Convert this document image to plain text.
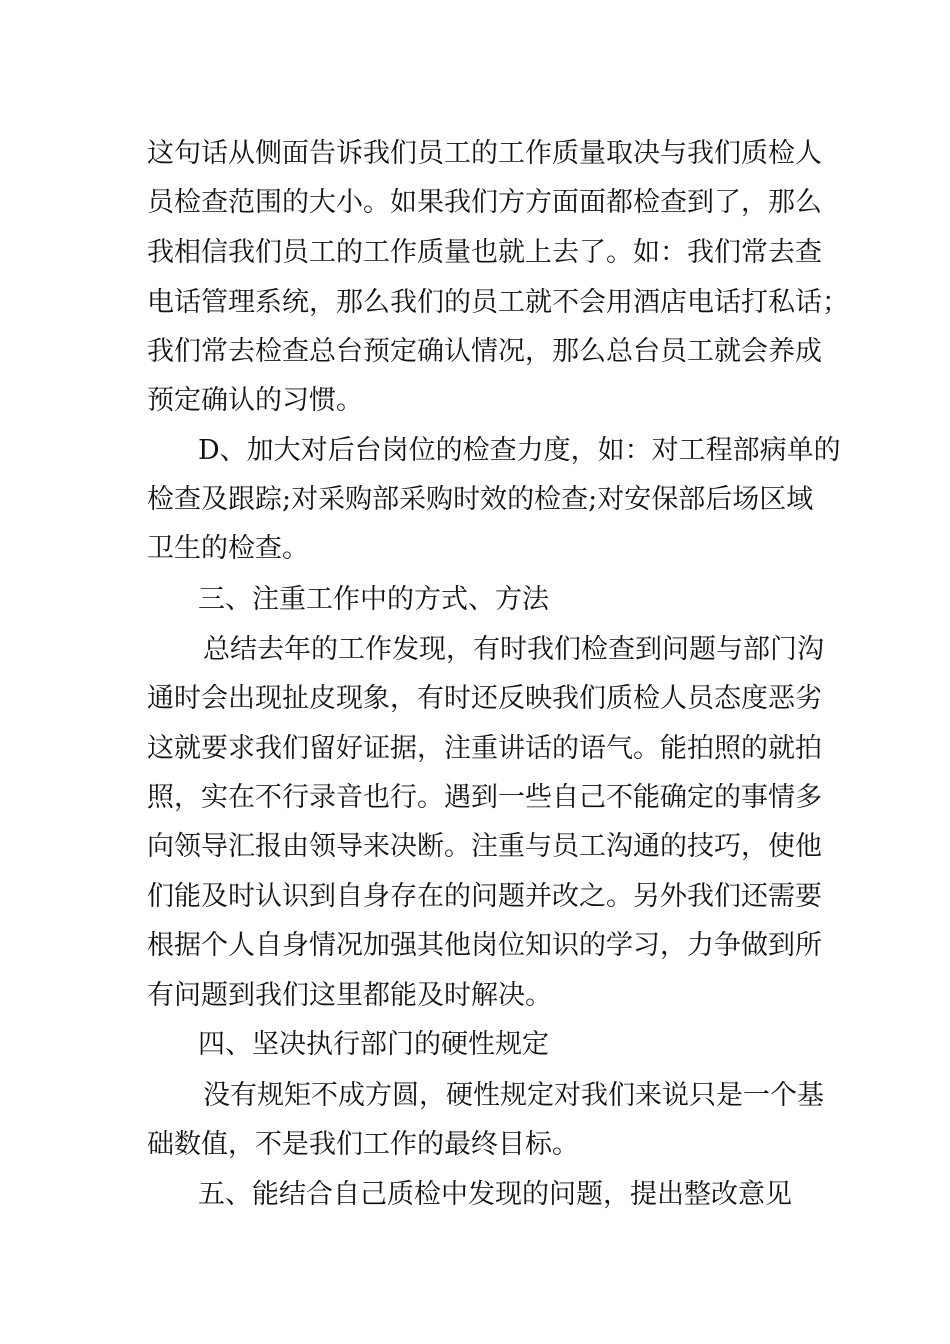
这句话从侧面告诉我们员工的工作质量取决与我们质检人
员检查范围的大小。如果我们方方面面都检查到了，那么
我相信我们员工的工作质量也就上去了。如：我们常去查
电话管理系统，那么我们的员工就不会用酒店电话打私话；
我们常去检查总台预定确认情况，那么总台员工就会养成
预定确认的习惯。
D、加大对后台岗位的检查力度，如：对工程部病单的
检查及跟踪;对采购部采购时效的检查;对安保部后场区域
卫生的检查。
三、注重工作中的方式、方法
总结去年的工作发现，有时我们检查到问题与部门沟
通时会出现扯皮现象，有时还反映我们质检人员态度恶劣
这就要求我们留好证据，注重讲话的语气。能拍照的就拍
照，实在不行录音也行。遇到一些自己不能确定的事情多
向领导汇报由领导来决断。注重与员工沟通的技巧，使他
们能及时认识到自身存在的问题并改之。另外我们还需要
根据个人自身情况加强其他岗位知识的学习，力争做到所
有问题到我们这里都能及时解决。
四、坚决执行部门的硬性规定
没有规矩不成方圆，硬性规定对我们来说只是一个基
础数值，不是我们工作的最终目标。
五、能结合自己质检中发现的问题，提出整改意见
